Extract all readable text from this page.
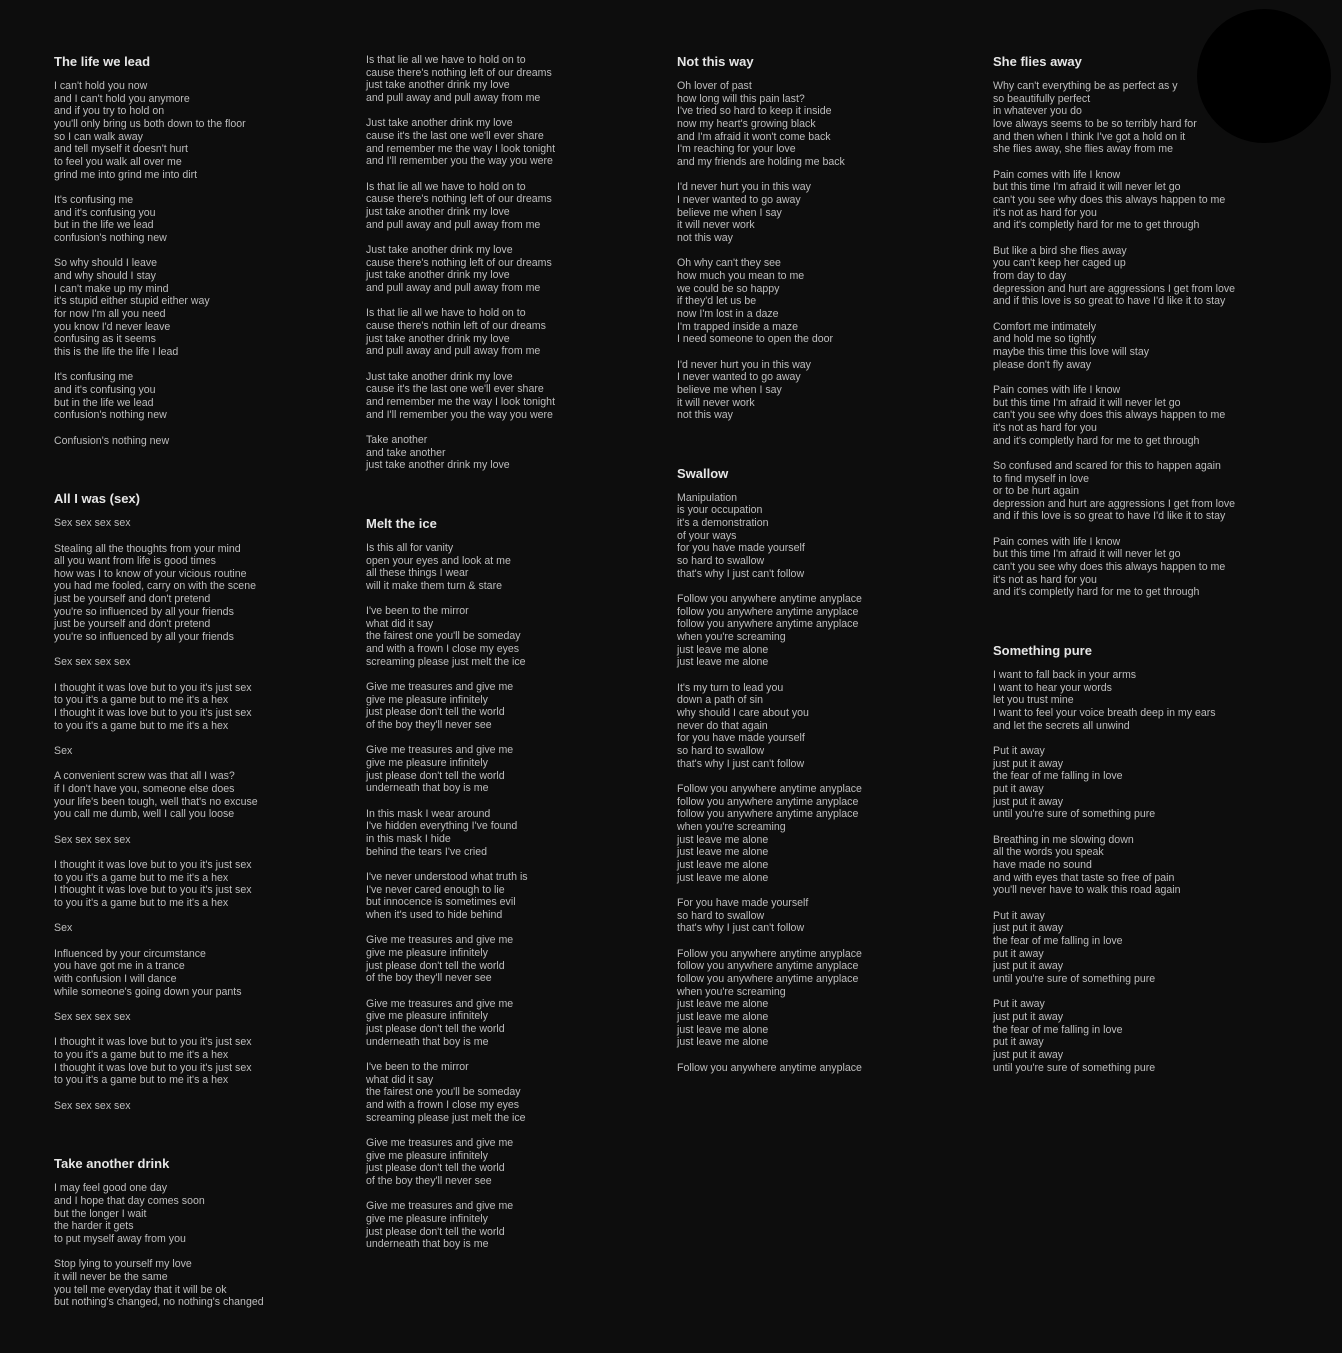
The life we lead
I can't hold you now
and I can't hold you anymore
and if you try to hold on
you'll only bring us both down to the floor
so I can walk away
and tell myself it doesn't hurt
to feel you walk all over me
grind me into grind me into dirt
It's confusing me
and it's confusing you
but in the life we lead
confusion's nothing new
So why should I leave
and why should I stay
I can't make up my mind
it's stupid either stupid either way
for now I'm all you need
you know I'd never leave
confusing as it seems
this is the life the life I lead
It's confusing me
and it's confusing you
but in the life we lead
confusion's nothing new
Confusion's nothing new
All I was (sex)
Sex sex sex sex
Stealing all the thoughts from your mind
all you want from life is good times
how was I to know of your vicious routine
you had me fooled, carry on with the scene
just be yourself and don't pretend
you're so influenced by all your friends
just be yourself and don't pretend
you're so influenced by all your friends
Sex sex sex sex
I thought it was love but to you it's just sex
to you it's a game but to me it's a hex
I thought it was love but to you it's just sex
to you it's a game but to me it's a hex
Sex
A convenient screw was that all I was?
if I don't have you, someone else does
your life's been tough, well that's no excuse
you call me dumb, well I call you loose
Sex sex sex sex
I thought it was love but to you it's just sex
to you it's a game but to me it's a hex
I thought it was love but to you it's just sex
to you it's a game but to me it's a hex
Sex
Influenced by your circumstance
you have got me in a trance
with confusion I will dance
while someone's going down your pants
Sex sex sex sex
I thought it was love but to you it's just sex
to you it's a game but to me it's a hex
I thought it was love but to you it's just sex
to you it's a game but to me it's a hex
Sex sex sex sex
Take another drink
I may feel good one day
and I hope that day comes soon
but the longer I wait
the harder it gets
to put myself away from you
Stop lying to yourself my love
it will never be the same
you tell me everyday that it will be ok
but nothing's changed, no nothing's changed
Is that lie all we have to hold on to
cause there's nothing left of our dreams
just take another drink my love
and pull away and pull away from me
Just take another drink my love
cause it's the last one we'll ever share
and remember me the way I look tonight
and I'll remember you the way you were
Is that lie all we have to hold on to
cause there's nothing left of our dreams
just take another drink my love
and pull away and pull away from me
Just take another drink my love
cause there's nothing left of our dreams
just take another drink my love
and pull away and pull away from me
Is that lie all we have to hold on to
cause there's nothin left of our dreams
just take another drink my love
and pull away and pull away from me
Just take another drink my love
cause it's the last one we'll ever share
and remember me the way I look tonight
and I'll remember you the way you were
Take another
and take another
just take another drink my love
Melt the ice
Is this all for vanity
open your eyes and look at me
all these things I wear
will it make them turn & stare
I've been to the mirror
what did it say
the fairest one you'll be someday
and with a frown I close my eyes
screaming please just melt the ice
Give me treasures and give me
give me pleasure infinitely
just please don't tell the world
of the boy they'll never see
Give me treasures and give me
give me pleasure infinitely
just please don't tell the world
underneath that boy is me
In this mask I wear around
I've hidden everything I've found
in this mask I hide
behind the tears I've cried
I've never understood what truth is
I've never cared enough to lie
but innocence is sometimes evil
when it's used to hide behind
Give me treasures and give me
give me pleasure infinitely
just please don't tell the world
of the boy they'll never see
Give me treasures and give me
give me pleasure infinitely
just please don't tell the world
underneath that boy is me
I've been to the mirror
what did it say
the fairest one you'll be someday
and with a frown I close my eyes
screaming please just melt the ice
Give me treasures and give me
give me pleasure infinitely
just please don't tell the world
of the boy they'll never see
Give me treasures and give me
give me pleasure infinitely
just please don't tell the world
underneath that boy is me
Not this way
Oh lover of past
how long will this pain last?
I've tried so hard to keep it inside
now my heart's growing black
and I'm afraid it won't come back
I'm reaching for your love
and my friends are holding me back
I'd never hurt you in this way
I never wanted to go away
believe me when I say
it will never work
not this way
Oh why can't they see
how much you mean to me
we could be so happy
if they'd let us be
now I'm lost in a daze
I'm trapped inside a maze
I need someone to open the door
I'd never hurt you in this way
I never wanted to go away
believe me when I say
it will never work
not this way
Swallow
Manipulation
is your occupation
it's a demonstration
of your ways
for you have made yourself
so hard to swallow
that's why I just can't follow
Follow you anywhere anytime anyplace
follow you anywhere anytime anyplace
follow you anywhere anytime anyplace
when you're screaming
just leave me alone
just leave me alone
It's my turn to lead you
down a path of sin
why should I care about you
never do that again
for you have made yourself
so hard to swallow
that's why I just can't follow
Follow you anywhere anytime anyplace
follow you anywhere anytime anyplace
follow you anywhere anytime anyplace
when you're screaming
just leave me alone
just leave me alone
just leave me alone
just leave me alone
For you have made yourself
so hard to swallow
that's why I just can't follow
Follow you anywhere anytime anyplace
follow you anywhere anytime anyplace
follow you anywhere anytime anyplace
when you're screaming
just leave me alone
just leave me alone
just leave me alone
just leave me alone
Follow you anywhere anytime anyplace
She flies away
Why can't everything be as perfect as y
so beautifully perfect
in whatever you do
love always seems to be so terribly hard for
and then when I think I've got a hold on it
she flies away, she flies away from me
Pain comes with life I know
but this time I'm afraid it will never let go
can't you see why does this always happen to me
it's not as hard for you
and it's completly hard for me to get through
But like a bird she flies away
you can't keep her caged up
from day to day
depression and hurt are aggressions I get from love
and if this love is so great to have I'd like it to stay
Comfort me intimately
and hold me so tightly
maybe this time this love will stay
please don't fly away
Pain comes with life I know
but this time I'm afraid it will never let go
can't you see why does this always happen to me
it's not as hard for you
and it's completly hard for me to get through
So confused and scared for this to happen again
to find myself in love
or to be hurt again
depression and hurt are aggressions I get from love
and if this love is so great to have I'd like it to stay
Pain comes with life I know
but this time I'm afraid it will never let go
can't you see why does this always happen to me
it's not as hard for you
and it's completly hard for me to get through
Something pure
I want to fall back in your arms
I want to hear your words
let you trust mine
I want to feel your voice breath deep in my ears
and let the secrets all unwind
Put it away
just put it away
the fear of me falling in love
put it away
just put it away
until you're sure of something pure
Breathing in me slowing down
all the words you speak
have made no sound
and with eyes that taste so free of pain
you'll never have to walk this road again
Put it away
just put it away
the fear of me falling in love
put it away
just put it away
until you're sure of something pure
Put it away
just put it away
the fear of me falling in love
put it away
just put it away
until you're sure of something pure
